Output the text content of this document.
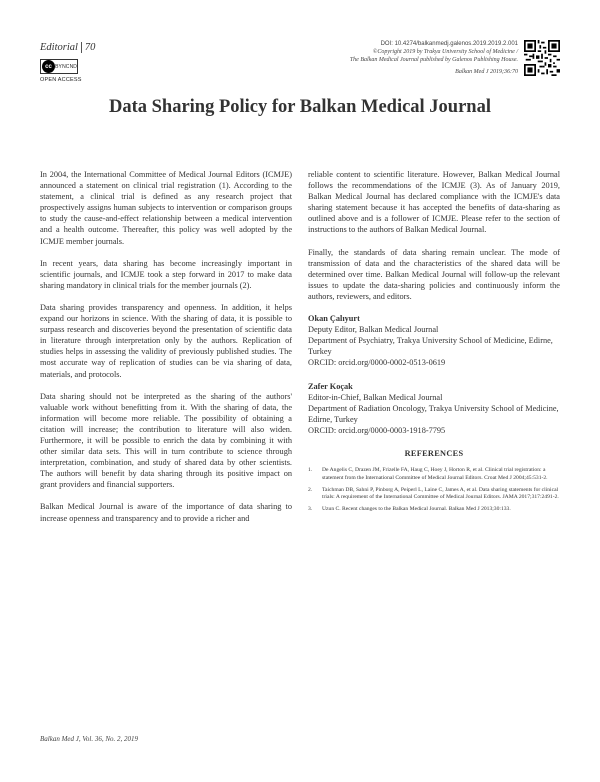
Editorial 70
cc BY NC ND
OPEN ACCESS
DOI: 10.4274/balkanmedj.galenos.2019.2019.2.001
©Copyright 2019 by Trakya University School of Medicine /
The Balkan Medical Journal published by Galenos Publishing House.
Balkan Med J 2019;36:70
Data Sharing Policy for Balkan Medical Journal

In 2004, the International Committee of Medical Journal Editors (ICMJE) announced a statement on clinical trial registration (1). According to the statement, a clinical trial is defined as any research project that prospectively assigns human subjects to intervention or comparison groups to study the cause-and-effect relationship between a medical intervention and a health outcome. Thereafter, this policy was well adopted by the ICMJE member journals.

In recent years, data sharing has become increasingly important in scientific journals, and ICMJE took a step forward in 2017 to make data sharing mandatory in clinical trials for the member journals (2).

Data sharing provides transparency and openness. In addition, it helps expand our horizons in science. With the sharing of data, it is possible to surpass research and discoveries beyond the presentation of scientific data in literature through interpretation only by the authors. Replication of studies helps in assessing the validity of previously published studies. The most accurate way of replication of studies can be via sharing of data, materials, and protocols.

Data sharing should not be interpreted as the sharing of the authors' valuable work without benefitting from it. With the sharing of data, the information will become more reliable. The possibility of obtaining a citation will increase; the contribution to literature will also widen. Furthermore, it will be possible to enrich the data by combining it with other similar data sets. This will in turn contribute to science through interpretation, combination, and study of shared data by other scientists. The authors will benefit by data sharing through its positive impact on grant providers and financial supporters.

Balkan Medical Journal is aware of the importance of data sharing to increase openness and transparency and to provide a richer and

reliable content to scientific literature. However, Balkan Medical Journal follows the recommendations of the ICMJE (3). As of January 2019, Balkan Medical Journal has declared compliance with the ICMJE's data sharing statement because it has accepted the benefits of data-sharing as outlined above and is a follower of ICMJE. Please refer to the section of instructions to the authors of Balkan Medical Journal.

Finally, the standards of data sharing remain unclear. The mode of transmission of data and the characteristics of the shared data will be determined over time. Balkan Medical Journal will follow-up the relevant issues to update the data-sharing policies and continuously inform the authors, reviewers, and editors.

Okan Çalıyurt
Deputy Editor, Balkan Medical Journal
Department of Psychiatry, Trakya University School of Medicine, Edirne, Turkey
ORCID: orcid.org/0000-0002-0513-0619
Zafer Koçak
Editor-in-Chief, Balkan Medical Journal
Department of Radiation Oncology, Trakya University School of Medicine, Edirne, Turkey
ORCID: orcid.org/0000-0003-1918-7795
REFERENCES
1.	De Angelis C, Drazen JM, Frizelle FA, Haug C, Hoey J, Horton R, et al. Clinical trial registration: a statement from the International Committee of Medical Journal Editors. Croat Med J 2004;45:531-2.
2.	Taichman DB, Sahni P, Pinborg A, Peiperl L, Laine C, James A, et al. Data sharing statements for clinical trials: A requirement of the International Committee of Medical Journal Editors. JAMA 2017;317:2491-2.
3.	Uzun C. Recent changes to the Balkan Medical Journal. Balkan Med J 2013;30:133.
Balkan Med J, Vol. 36, No. 2, 2019
